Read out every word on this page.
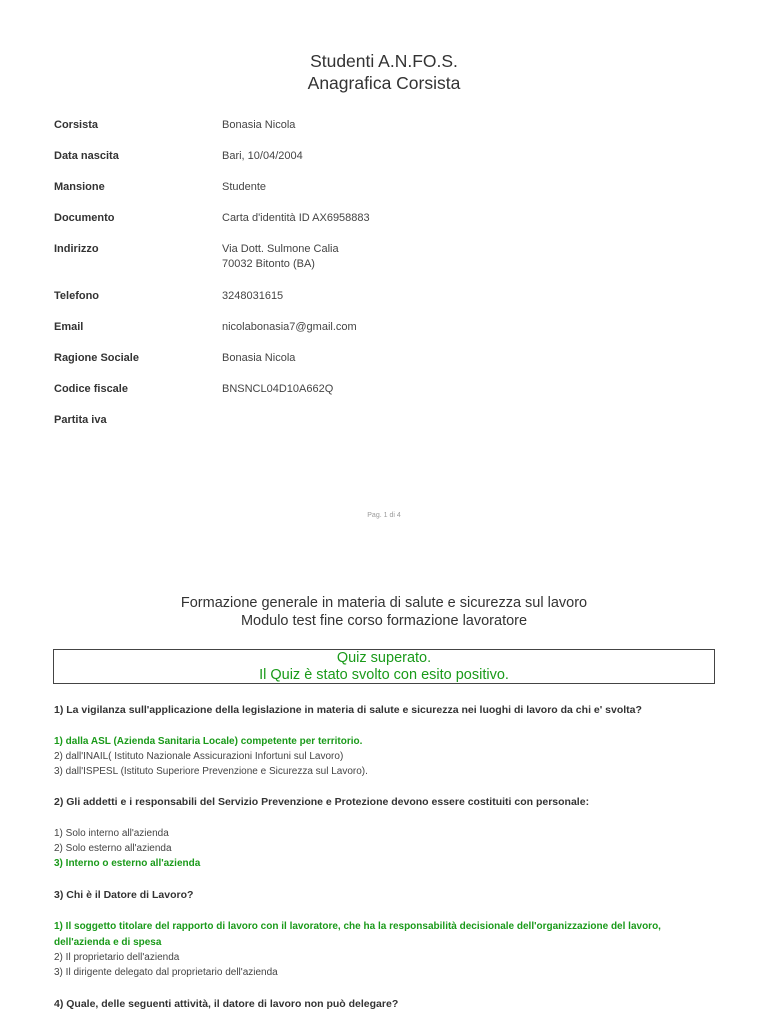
Studenti A.N.FO.S.
Anagrafica Corsista
Corsista	Bonasia Nicola
Data nascita	Bari, 10/04/2004
Mansione	Studente
Documento	Carta d'identità ID AX6958883
Indirizzo	Via Dott. Sulmone Calia
70032 Bitonto (BA)
Telefono	3248031615
Email	nicolabonasia7@gmail.com
Ragione Sociale	Bonasia Nicola
Codice fiscale	BNSNCL04D10A662Q
Partita iva
Pag. 1 di 4
Formazione generale in materia di salute e sicurezza sul lavoro
Modulo test fine corso formazione lavoratore
Quiz superato.
Il Quiz è stato svolto con esito positivo.
1) La vigilanza sull'applicazione della legislazione in materia di salute e sicurezza nei luoghi di lavoro da chi e' svolta?
1) dalla ASL (Azienda Sanitaria Locale) competente per territorio.
2) dall'INAIL( Istituto Nazionale Assicurazioni Infortuni sul Lavoro)
3) dall'ISPESL (Istituto Superiore Prevenzione e Sicurezza sul Lavoro).
2) Gli addetti e i responsabili del Servizio Prevenzione e Protezione devono essere costituiti con personale:
1) Solo interno all'azienda
2) Solo esterno all'azienda
3) Interno o esterno all'azienda
3) Chi è il Datore di Lavoro?
1) Il soggetto titolare del rapporto di lavoro con il lavoratore, che ha la responsabilità decisionale dell'organizzazione del lavoro, dell'azienda e di spesa
2) Il proprietario dell'azienda
3) Il dirigente delegato dal proprietario dell'azienda
4) Quale, delle seguenti attività, il datore di lavoro non può delegare?
